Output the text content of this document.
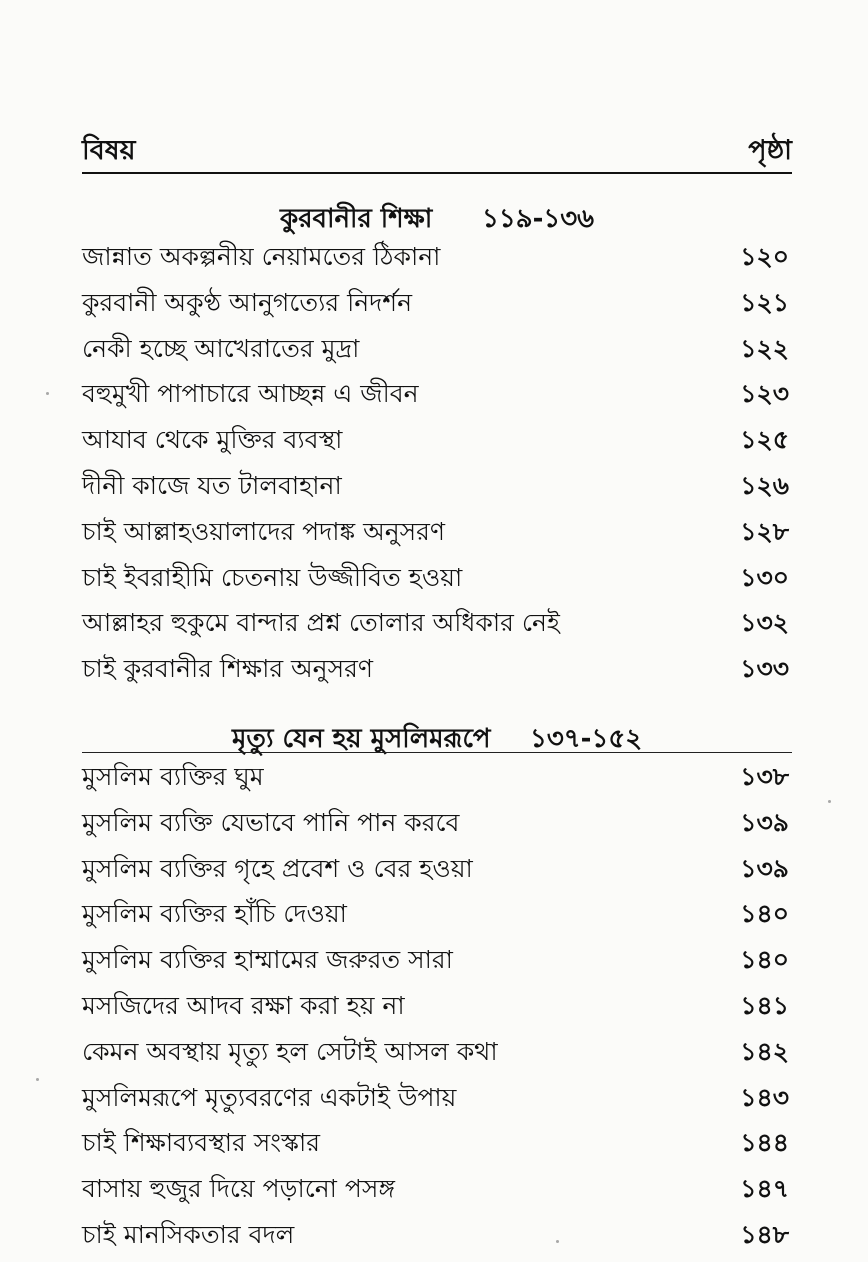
বিষয়	পৃষ্ঠা
কুরবানীর শিক্ষা ১১৯-১৩৬
জান্নাত অকল্পনীয় নেয়ামতের ঠিকানা	১২০
কুরবানী অকুণ্ঠ আনুগত্যের নিদর্শন	১২১
নেকী হচ্ছে আখেরাতের মুদ্রা	১২২
বহুমুখী পাপাচারে আচ্ছন্ন এ জীবন	১২৩
আযাব থেকে মুক্তির ব্যবস্থা	১২৫
দীনী কাজে যত টালবাহানা	১২৬
চাই আল্লাহওয়ালাদের পদাঙ্ক অনুসরণ	১২৮
চাই ইবরাহীমি চেতনায় উজ্জীবিত হওয়া	১৩০
আল্লাহর হুকুমে বান্দার প্রশ্ন তোলার অধিকার নেই	১৩২
চাই কুরবানীর শিক্ষার অনুসরণ	১৩৩
মৃত্যু যেন হয় মুসলিমরূপে ১৩৭-১৫২
মুসলিম ব্যক্তির ঘুম	১৩৮
মুসলিম ব্যক্তি যেভাবে পানি পান করবে	১৩৯
মুসলিম ব্যক্তির গৃহে প্রবেশ ও বের হওয়া	১৩৯
মুসলিম ব্যক্তির হাঁচি দেওয়া	১৪০
মুসলিম ব্যক্তির হাম্মামের জরুরত সারা	১৪০
মসজিদের আদব রক্ষা করা হয় না	১৪১
কেমন অবস্থায় মৃত্যু হল সেটাই আসল কথা	১৪২
মুসলিমরূপে মৃত্যুবরণের একটাই উপায়	১৪৩
চাই শিক্ষাব্যবস্থার সংস্কার	১৪৪
বাসায় হুজুর দিয়ে পড়ানো পসঙ্গ	১৪৭
চাই মানসিকতার বদল	১৪৮
